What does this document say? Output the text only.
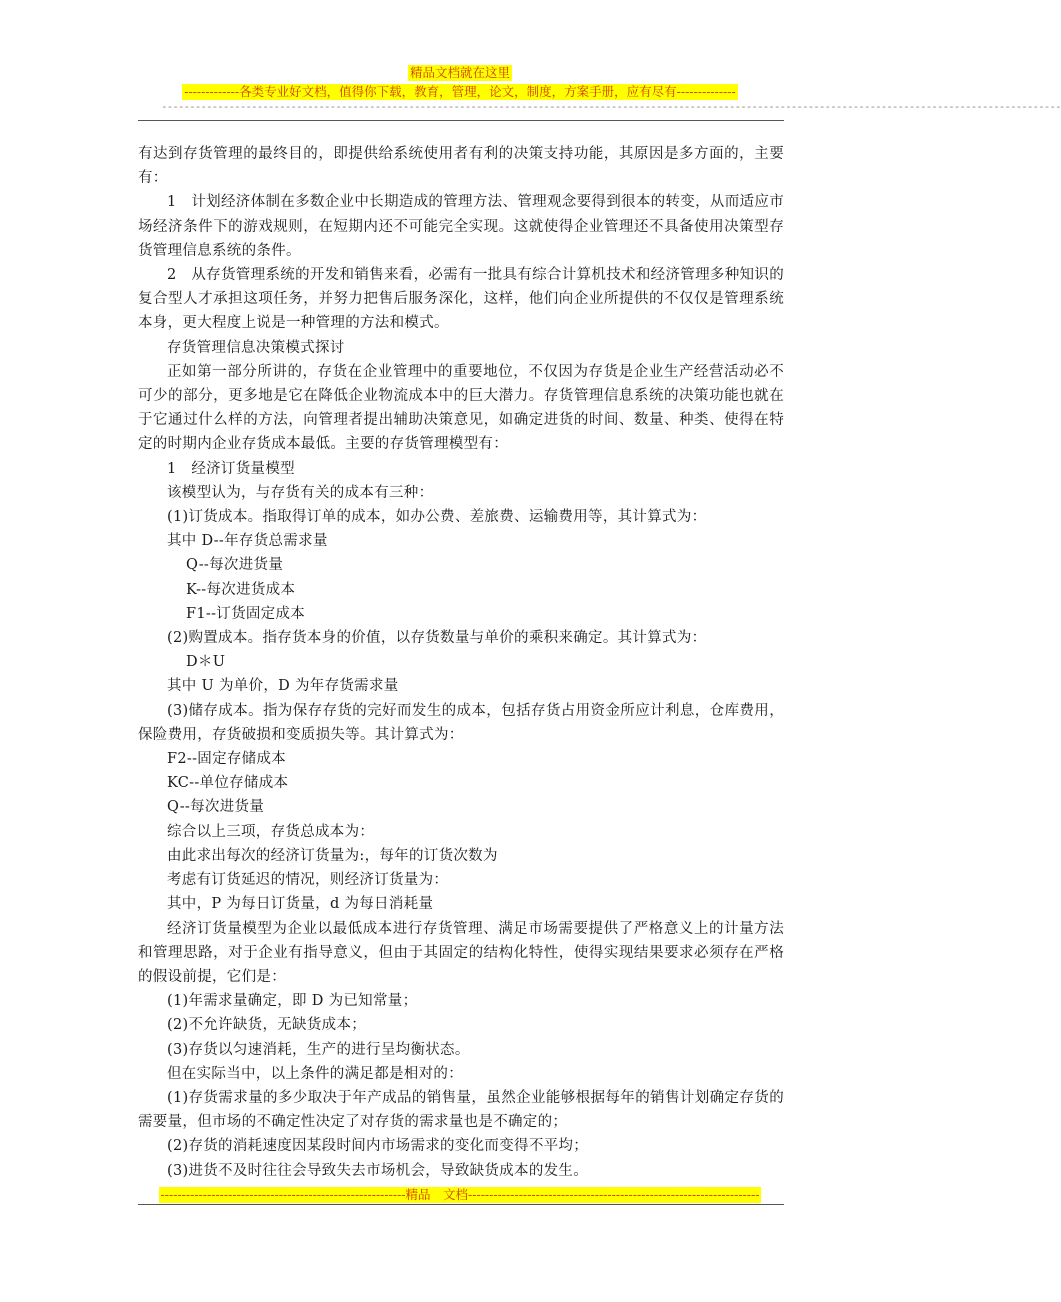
精品文档就在这里
-------------各类专业好文档，值得你下载，教育，管理，论文，制度，方案手册，应有尽有--------------
----------------------------------------------------------------------------------------------------------------------------------------------------------------

有达到存货管理的最终目的，即提供给系统使用者有利的决策支持功能，其原因是多方面的，主要有：

1　计划经济体制在多数企业中长期造成的管理方法、管理观念要得到很本的转变，从而适应市场经济条件下的游戏规则，在短期内还不可能完全实现。这就使得企业管理还不具备使用决策型存货管理信息系统的条件。

2　从存货管理系统的开发和销售来看，必需有一批具有综合计算机技术和经济管理多种知识的复合型人才承担这项任务，并努力把售后服务深化，这样，他们向企业所提供的不仅仅是管理系统本身，更大程度上说是一种管理的方法和模式。

存货管理信息决策模式探讨

正如第一部分所讲的，存货在企业管理中的重要地位，不仅因为存货是企业生产经营活动必不可少的部分，更多地是它在降低企业物流成本中的巨大潜力。存货管理信息系统的决策功能也就在于它通过什么样的方法，向管理者提出辅助决策意见，如确定进货的时间、数量、种类、使得在特定的时期内企业存货成本最低。主要的存货管理模型有：

1　经济订货量模型

该模型认为，与存货有关的成本有三种：

(1)订货成本。指取得订单的成本，如办公费、差旅费、运输费用等，其计算式为：

其中 D--年存货总需求量

Q--每次进货量

K--每次进货成本

F1--订货固定成本

(2)购置成本。指存货本身的价值，以存货数量与单价的乘积来确定。其计算式为：

D＊U

其中 U 为单价，D 为年存货需求量

(3)储存成本。指为保存存货的完好而发生的成本，包括存货占用资金所应计利息，仓库费用，保险费用，存货破损和变质损失等。其计算式为：

F2--固定存储成本

KC--单位存储成本

Q--每次进货量

综合以上三项，存货总成本为：

由此求出每次的经济订货量为:，每年的订货次数为

考虑有订货延迟的情况，则经济订货量为：

其中，P 为每日订货量，d 为每日消耗量

经济订货量模型为企业以最低成本进行存货管理、满足市场需要提供了严格意义上的计量方法和管理思路，对于企业有指导意义，但由于其固定的结构化特性，使得实现结果要求必须存在严格的假设前提，它们是：

(1)年需求量确定，即 D 为已知常量；

(2)不允许缺货，无缺货成本；

(3)存货以匀速消耗，生产的进行呈均衡状态。

但在实际当中，以上条件的满足都是相对的：

(1)存货需求量的多少取决于年产成品的销售量，虽然企业能够根据每年的销售计划确定存货的需要量，但市场的不确定性决定了对存货的需求量也是不确定的；

(2)存货的消耗速度因某段时间内市场需求的变化而变得不平均；

(3)进货不及时往往会导致失去市场机会，导致缺货成本的发生。

----------------------------------------------------------精品　文档---------------------------------------------------------------------
